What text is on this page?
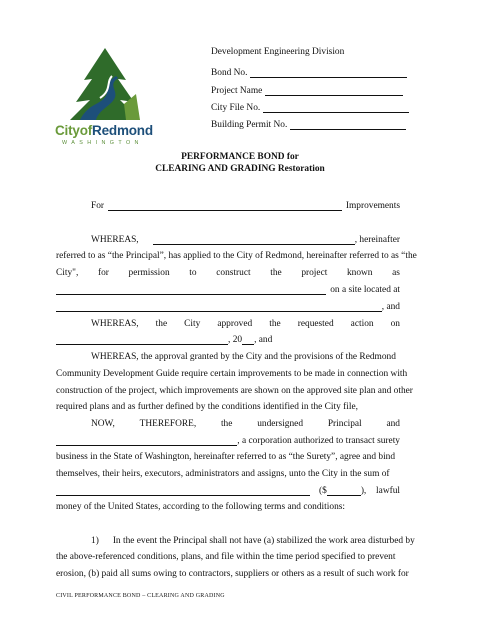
CityofRedmond
WASHINGTON
Development Engineering Division
Bond No.
Project Name
City File No.
Building Permit No.
PERFORMANCE BOND for
CLEARING AND GRADING Restoration
For	Improvements
WHEREAS,	, hereinafter
referred to as “the Principal”, has applied to the City of Redmond, hereinafter referred to as “the
City", for permission to construct the project known as
on a site located at
, and
WHEREAS, the City approved the requested action on
, 20 , and
WHEREAS, the approval granted by the City and the provisions of the Redmond
Community Development Guide require certain improvements to be made in connection with
construction of the project, which improvements are shown on the approved site plan and other
required plans and as further defined by the conditions identified in the City file,
NOW,	THEREFORE,	the	undersigned	Principal	and
, a corporation authorized to transact surety
business in the State of Washington, hereinafter referred to as “the Surety”, agree and bind
themselves, their heirs, executors, administrators and assigns, unto the City in the sum of
($	), lawful
money of the United States, according to the following terms and conditions:
1) In the event the Principal shall not have (a) stabilized the work area disturbed by
the above-referenced conditions, plans, and file within the time period specified to prevent
erosion, (b) paid all sums owing to contractors, suppliers or others as a result of such work for
CIVIL PERFORMANCE BOND – CLEARING AND GRADING
